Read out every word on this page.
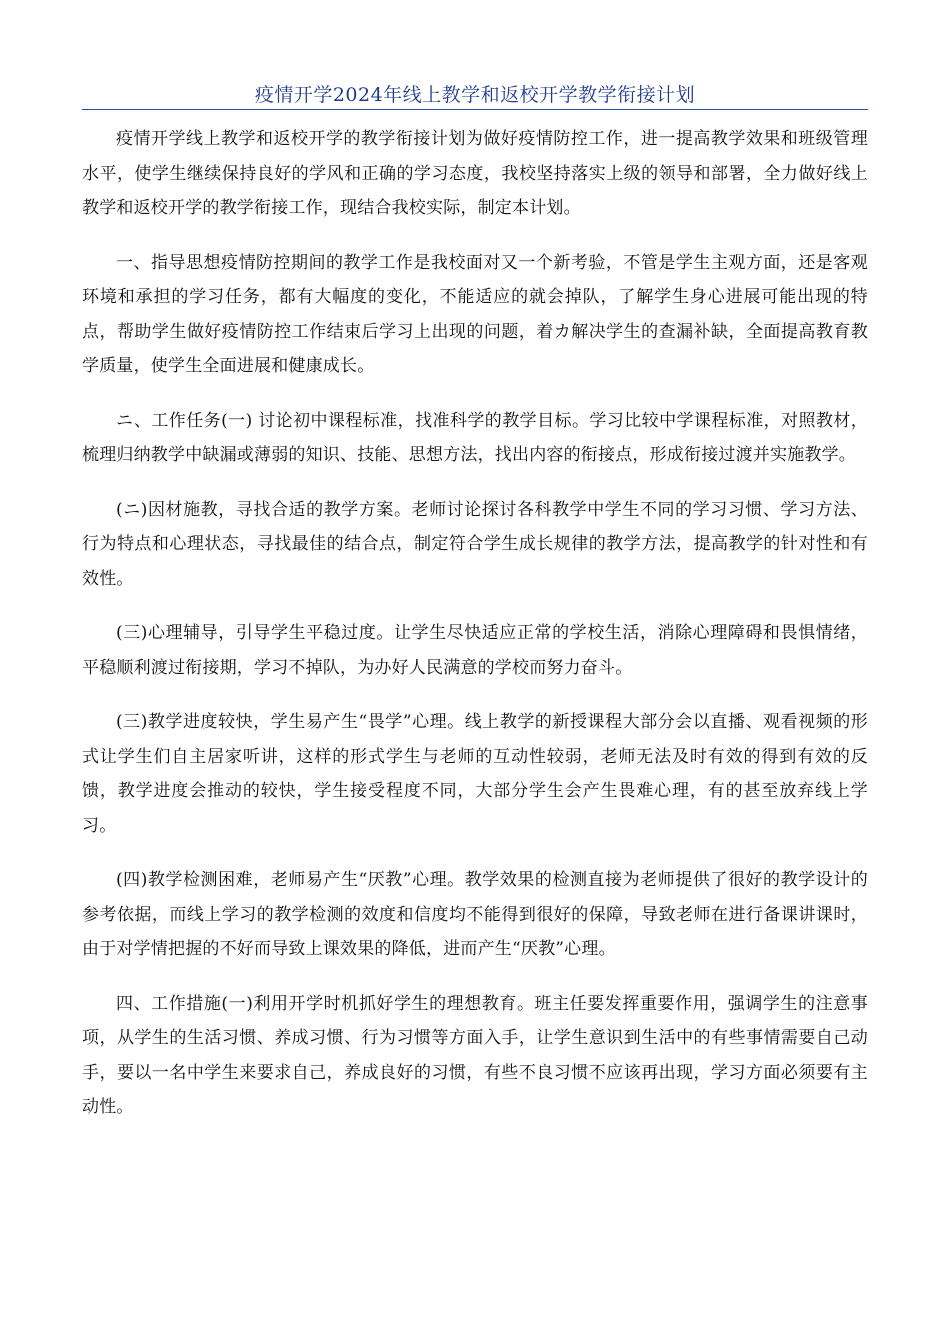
疫情开学2024年线上教学和返校开学教学衔接计划

疫情开学线上教学和返校开学的教学衔接计划为做好疫情防控工作，进一提高教学效果和班级管理水平，使学生继续保持良好的学风和正确的学习态度，我校坚持落实上级的领导和部署，全力做好线上教学和返校开学的教学衔接工作，现结合我校实际，制定本计划。

一、指导思想疫情防控期间的教学工作是我校面对又一个新考验，不管是学生主观方面，还是客观环境和承担的学习任务，都有大幅度的变化，不能适应的就会掉队，了解学生身心进展可能出现的特点，帮助学生做好疫情防控工作结束后学习上出现的问题，着カ解决学生的查漏补缺，全面提高教育教学质量，使学生全面进展和健康成长。

ニ、工作任务(一) 讨论初中课程标准，找准科学的教学目标。学习比较中学课程标准，对照教材，梳理归纳教学中缺漏或薄弱的知识、技能、思想方法，找出内容的衔接点，形成衔接过渡并实施教学。

(ニ)因材施教，寻找合适的教学方案。老师讨论探讨各科教学中学生不同的学习习惯、学习方法、行为特点和心理状态，寻找最佳的结合点，制定符合学生成长规律的教学方法，提高教学的针对性和有效性。

(三)心理辅导，引导学生平稳过度。让学生尽快适应正常的学校生活，消除心理障碍和畏惧情绪，平稳顺利渡过衔接期，学习不掉队，为办好人民满意的学校而努力奋斗。

(三)教学进度较快，学生易产生“畏学”心理。线上教学的新授课程大部分会以直播、观看视频的形式让学生们自主居家听讲，这样的形式学生与老师的互动性较弱，老师无法及时有效的得到有效的反馈，教学进度会推动的较快，学生接受程度不同，大部分学生会产生畏难心理，有的甚至放弃线上学习。

(四)教学检测困难，老师易产生“厌教”心理。教学效果的检测直接为老师提供了很好的教学设计的参考依据，而线上学习的教学检测的效度和信度均不能得到很好的保障，导致老师在进行备课讲课时，由于对学情把握的不好而导致上课效果的降低，进而产生“厌教”心理。

四、工作措施(一)利用开学时机抓好学生的理想教育。班主任要发挥重要作用，强调学生的注意事项，从学生的生活习惯、养成习惯、行为习惯等方面入手，让学生意识到生活中的有些事情需要自己动手，要以一名中学生来要求自己，养成良好的习惯，有些不良习惯不应该再出现，学习方面必须要有主动性。
